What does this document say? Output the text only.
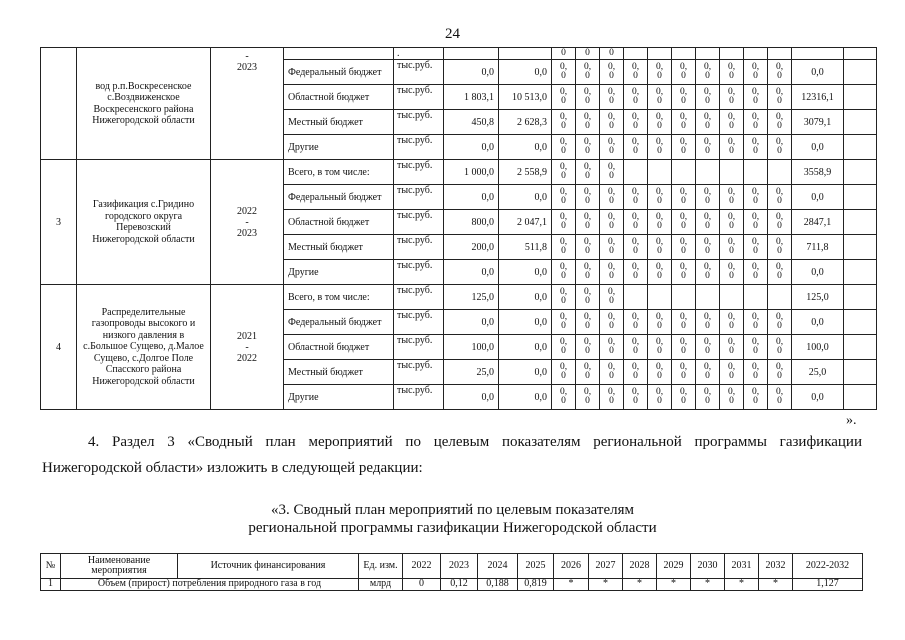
24
	вод р.п.Воскресенское с.Воздвиженское Воскресенского района Нижегородской области	-
2023		.			0	0	0									
			Федеральный бюджет	тыс.руб.	0,0	0,0	0,
0	0,
0	0,
0	0,
0	0,
0	0,
0	0,
0	0,
0	0,
0	0,
0	0,0	
			Областной бюджет	тыс.руб.	1 803,1	10 513,0	0,
0	0,
0	0,
0	0,
0	0,
0	0,
0	0,
0	0,
0	0,
0	0,
0	12316,1	
			Местный бюджет	тыс.руб.	450,8	2 628,3	0,
0	0,
0	0,
0	0,
0	0,
0	0,
0	0,
0	0,
0	0,
0	0,
0	3079,1	
			Другие	тыс.руб.	0,0	0,0	0,
0	0,
0	0,
0	0,
0	0,
0	0,
0	0,
0	0,
0	0,
0	0,
0	0,0	
3	Газификация с.Гридино городского округа Перевозский Нижегородской области	2022
-
2023	Всего, в том числе:	тыс.руб.	1 000,0	2 558,9	0,
0	0,
0	0,
0								3558,9	
			Федеральный бюджет	тыс.руб.	0,0	0,0	0,
0	0,
0	0,
0	0,
0	0,
0	0,
0	0,
0	0,
0	0,
0	0,
0	0,0	
			Областной бюджет	тыс.руб.	800,0	2 047,1	0,
0	0,
0	0,
0	0,
0	0,
0	0,
0	0,
0	0,
0	0,
0	0,
0	2847,1	
			Местный бюджет	тыс.руб.	200,0	511,8	0,
0	0,
0	0,
0	0,
0	0,
0	0,
0	0,
0	0,
0	0,
0	0,
0	711,8	
			Другие	тыс.руб.	0,0	0,0	0,
0	0,
0	0,
0	0,
0	0,
0	0,
0	0,
0	0,
0	0,
0	0,
0	0,0	
4	Распределительные газопроводы высокого и низкого давления в с.Большое Сущево, д.Малое Сущево, с.Долгое Поле Спасского района Нижегородской области	2021
-
2022	Всего, в том числе:	тыс.руб.	125,0	0,0	0,
0	0,
0	0,
0								125,0	
			Федеральный бюджет	тыс.руб.	0,0	0,0	0,
0	0,
0	0,
0	0,
0	0,
0	0,
0	0,
0	0,
0	0,
0	0,
0	0,0	
			Областной бюджет	тыс.руб.	100,0	0,0	0,
0	0,
0	0,
0	0,
0	0,
0	0,
0	0,
0	0,
0	0,
0	0,
0	100,0	
			Местный бюджет	тыс.руб.	25,0	0,0	0,
0	0,
0	0,
0	0,
0	0,
0	0,
0	0,
0	0,
0	0,
0	0,
0	25,0	
			Другие	тыс.руб.	0,0	0,0	0,
0	0,
0	0,
0	0,
0	0,
0	0,
0	0,
0	0,
0	0,
0	0,
0	0,0	
».
4. Раздел 3 «Сводный план мероприятий по целевым показателям региональной программы газификации Нижегородской области» изложить в следующей редакции:
«3. Сводный план мероприятий по целевым показателям
региональной программы газификации Нижегородской области
№	Наименование мероприятия	Источник финансирования	Ед. изм.	2022	2023	2024	2025	2026	2027	2028	2029	2030	2031	2032	2022-2032
1	Объем (прирост) потребления природного газа в год		млрд	0	0,12	0,188	0,819	*	*	*	*	*	*	*	1,127
